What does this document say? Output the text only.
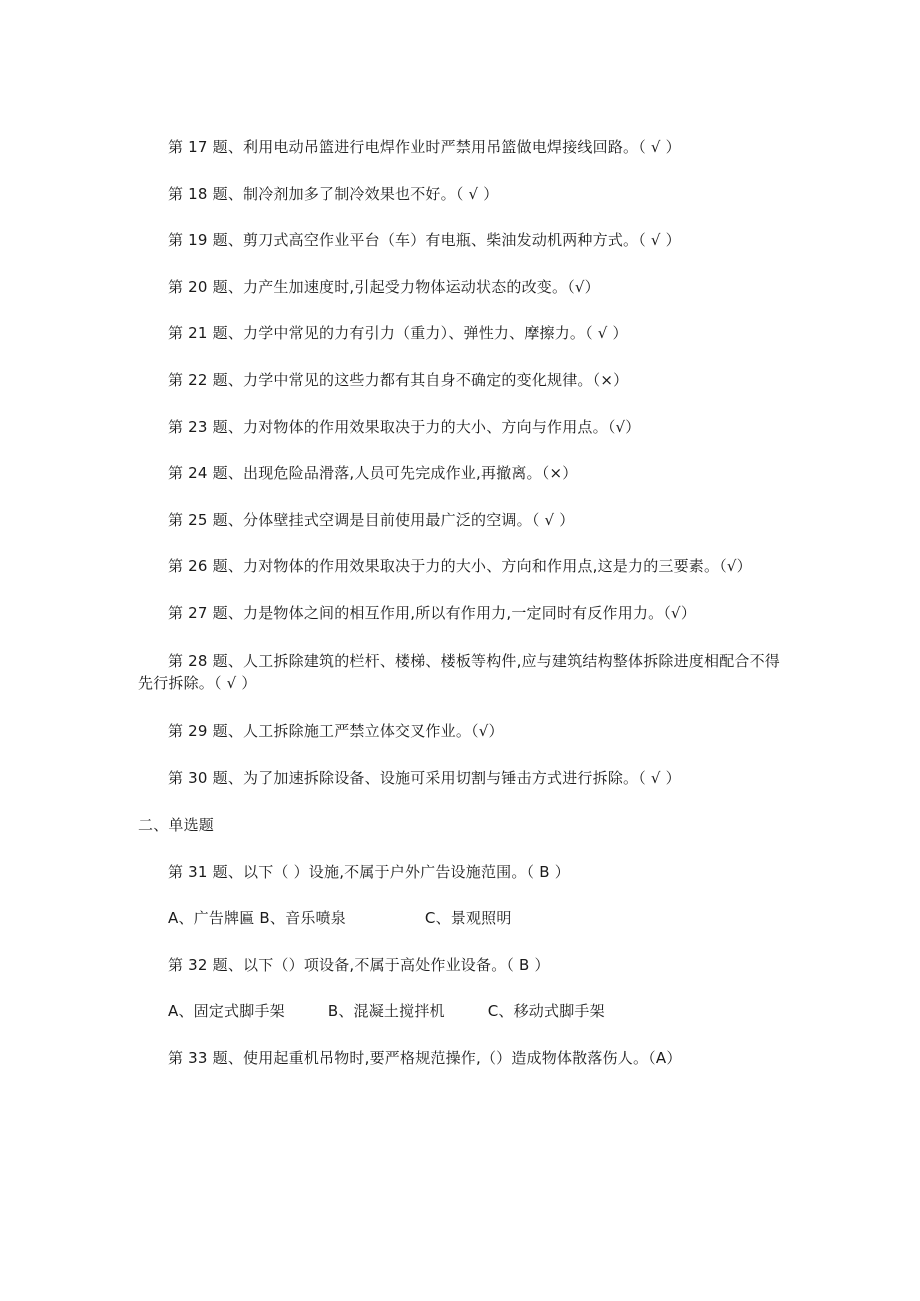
第 17 题、利用电动吊篮进行电焊作业时严禁用吊篮做电焊接线回路。（ √ ）
第 18 题、制冷剂加多了制冷效果也不好。（ √ ）
第 19 题、剪刀式高空作业平台（车）有电瓶、柴油发动机两种方式。（ √ ）
第 20 题、力产生加速度时,引起受力物体运动状态的改变。（√）
第 21 题、力学中常见的力有引力（重力）、弹性力、摩擦力。（ √ ）
第 22 题、力学中常见的这些力都有其自身不确定的变化规律。（×）
第 23 题、力对物体的作用效果取决于力的大小、方向与作用点。（√）
第 24 题、出现危险品滑落,人员可先完成作业,再撤离。（×）
第 25 题、分体壁挂式空调是目前使用最广泛的空调。（ √ ）
第 26 题、力对物体的作用效果取决于力的大小、方向和作用点,这是力的三要素。（√）
第 27 题、力是物体之间的相互作用,所以有作用力,一定同时有反作用力。（√）
第 28 题、人工拆除建筑的栏杆、楼梯、楼板等构件,应与建筑结构整体拆除进度相配合不得
先行拆除。（ √ ）
第 29 题、人工拆除施工严禁立体交叉作业。（√）
第 30 题、为了加速拆除设备、设施可采用切割与锤击方式进行拆除。（ √ ）
二、单选题
第 31 题、以下（ ）设施,不属于户外广告设施范围。（ B ）
A、广告牌匾 B、音乐喷泉	C、景观照明
第 32 题、以下（）项设备,不属于高处作业设备。（ B ）
A、固定式脚手架	B、混凝土搅拌机	C、移动式脚手架
第 33 题、使用起重机吊物时,要严格规范操作,（）造成物体散落伤人。（A）
